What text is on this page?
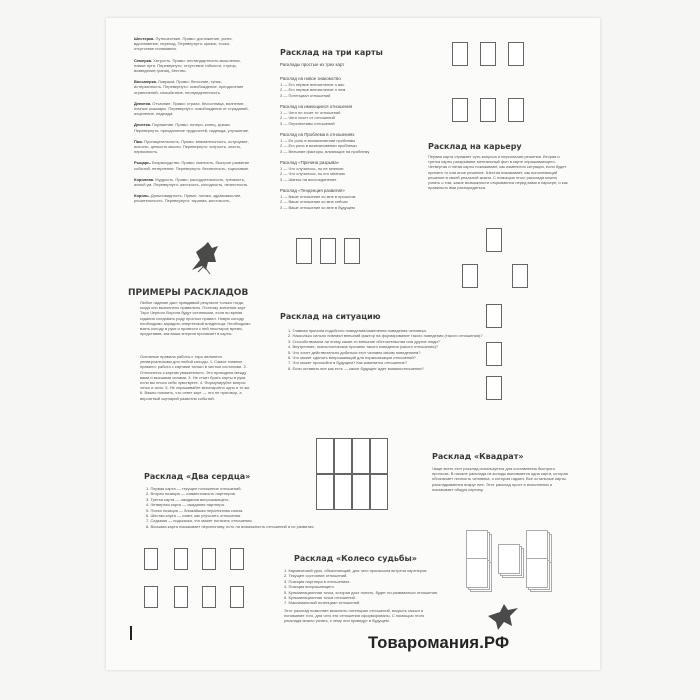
Шестерка. Путешествие. Прямо: достижение, успех, вдохновение, переход. Перевернуто: кризис, тоска, отсутствие понимания.
Семерка. Хитрость. Прямо: нестандартность мышления, новые пути. Перевернуто: отсутствие гибкости, ступор, возведение границ, бегство.
Восьмерка. Ловушка. Прямо: бессилие, тупик, истерзанность. Перевернуто: освобождение, преодоление ограничений, спокойствие, неопределенность.
Девятка. Отчаяние. Прямо: страхи, бессонница, волнение, ночные кошмары. Перевернуто: освобождение от страданий, исцеление, надежда.
Десятка. Поражение. Прямо: потери, конец, кризис. Перевернуто: преодоление трудностей, надежда, улучшение.
Паж. Проницательность. Прямо: внимательность, остроумие, ясность, цепкость мысли. Перевернуто: хитрость, злость, нервозность.
Рыцарь. Безрассудство. Прямо: смелость, быстрое развитие событий, нетерпение. Перевернуто: беспечность, тщеславие.
Королева. Мудрость. Прямо: рассудительность, трезвость, ясный ум. Перевернуто: жесткость, холодность, нечестность.
Король. Дальновидность. Прямо: логика, здравомыслие, решительность. Перевернуто: тирания, жестокость.
ПРИМЕРЫ РАСКЛАДОВ
Любое гадание даст правдивый результат только тогда, когда оно выполнено правильно. Поэтому значения карт Таро Черного Ворона будут истинными, если во время гадания следовать ряду простых правил. Новую колоду необходимо зарядить энергетикой владельца. Необходимо взять колоду в руки и провести с ней некоторое время, представив, как ваша энергия проникает в карты.
Основные правила работы с таро являются универсальными для любой колоды. 1. Самое главное правило: работа с картами только в чистом состоянии. 2. Относитесь к картам уважительно. Это проводник между вами и высшими силами. 3. Не стоит брать карты в руки, если вы плохо себя чувствуете. 4. Формулируйте вопрос четко и ясно. 5. Не спрашивайте многократно одно и то же. 6. Важно помнить, что ответ карт — это не приговор, а вероятный сценарий развития событий.
Расклад «Два сердца»
1. Первая карта — текущее положение отношений.
2. Вторая позиция — совместимость партнеров.
3. Третья карта — ожидания вопрошающего.
4. Четвертая карта — ожидания партнера.
5. Пятая позиция — ближайшая перспектива союза.
6. Шестая карта — совет, как улучшить отношения.
7. Седьмая — подсказка, что может погасить отношения.
8. Восьмая карта показывает перспективу, есть ли возможность отношений и их развития.
Расклад на три карты
Расклады простые из трех карт
Расклад на карьеру
Первая карта отражает суть вопроса и персоналии решения. Вторая и третья карты раскрывают ментальный фон в карте спрашивающего. Четвертая и пятая карты показывают, как изменится ситуация, если будет принято то или иное решение. Шестая показывает, как исполняющий решение в своей реальной жизни. С помощью этого расклада можно узнать о том, какие возможности открываются перед вами в карьере, и как правильно ими распорядиться.
Расклад на ситуацию
1. Главная причина подобного поведения/изменения поведения человека.
2. Насколько сильно повлиял внешний фактор на формирование такого поведения (такого отношения)?
3. Способствовали ли этому какие-то внешние обстоятельства или другие люди?
4. Внутренние, психологические причины такого поведения (какого отношения)?
5. Что хочет действительно добиться этот человек своим поведением?
6. Что может сделать вопрошающий для нормализации отношений?
7. Что может произойти в будущем? Как изменится отношение?
8. Если оставить все как есть — какое будущее ждет взаимоотношения?
Расклад «Квадрат»
Чаще всего этот расклад используется для составления быстрого прогноза. В начале расклада из колоды вынимается одна карта, которая обозначает личность человека, о котором гадают. Все остальные карты раскладываются вокруг нее. Этот расклад прост в исполнении и показывает общую картину.
Расклад «Колесо судьбы»
1. Кармический урок, объясняющий, для чего произошла встреча партнеров.
2. Текущее состояние отношений.
3. Позиция партнера в отношениях.
4. Позиция вопрошающего.
5. Кульминационная точка, которая даст понять, будет ли развиваться отношение.
6. Кульминационная точка отношений.
7. Максимальный потенциал отношений.
Этот расклад позволяет выяснить потенциал отношений, вскрыть смысл и понимание того, для чего эти отношения сформированы. С помощью этого расклада можно узнать, к чему они приведут в будущем.
Расклад на новое знакомство
1 — Его первое впечатление о вас
2 — Его первое впечатление о нем
3 — Потенциал отношений
Расклад на имеющиеся отношения
1 — Чего он хочет от отношений
2 — Чего хочет от отношений
3 — Перспективы отношений
Расклад на Проблема в отношениях
1 — Ее роль в возникновении проблемы
2 — Его роль в возникновении проблемы
3 — Внешние факторы, влияющие на проблему
Расклад «Причина разрыва»
1 — Что случилось, по ее мнению
2 — Что случилось, по его мнению
3 — Шансы на воссоединение
Расклад «Тенденция развития»
1 — Ваше отношение ко мне в прошлом
2 — Ваше отношение ко мне сейчас
3 — Ваше отношение ко мне в будущем
Товаромания.РФ
